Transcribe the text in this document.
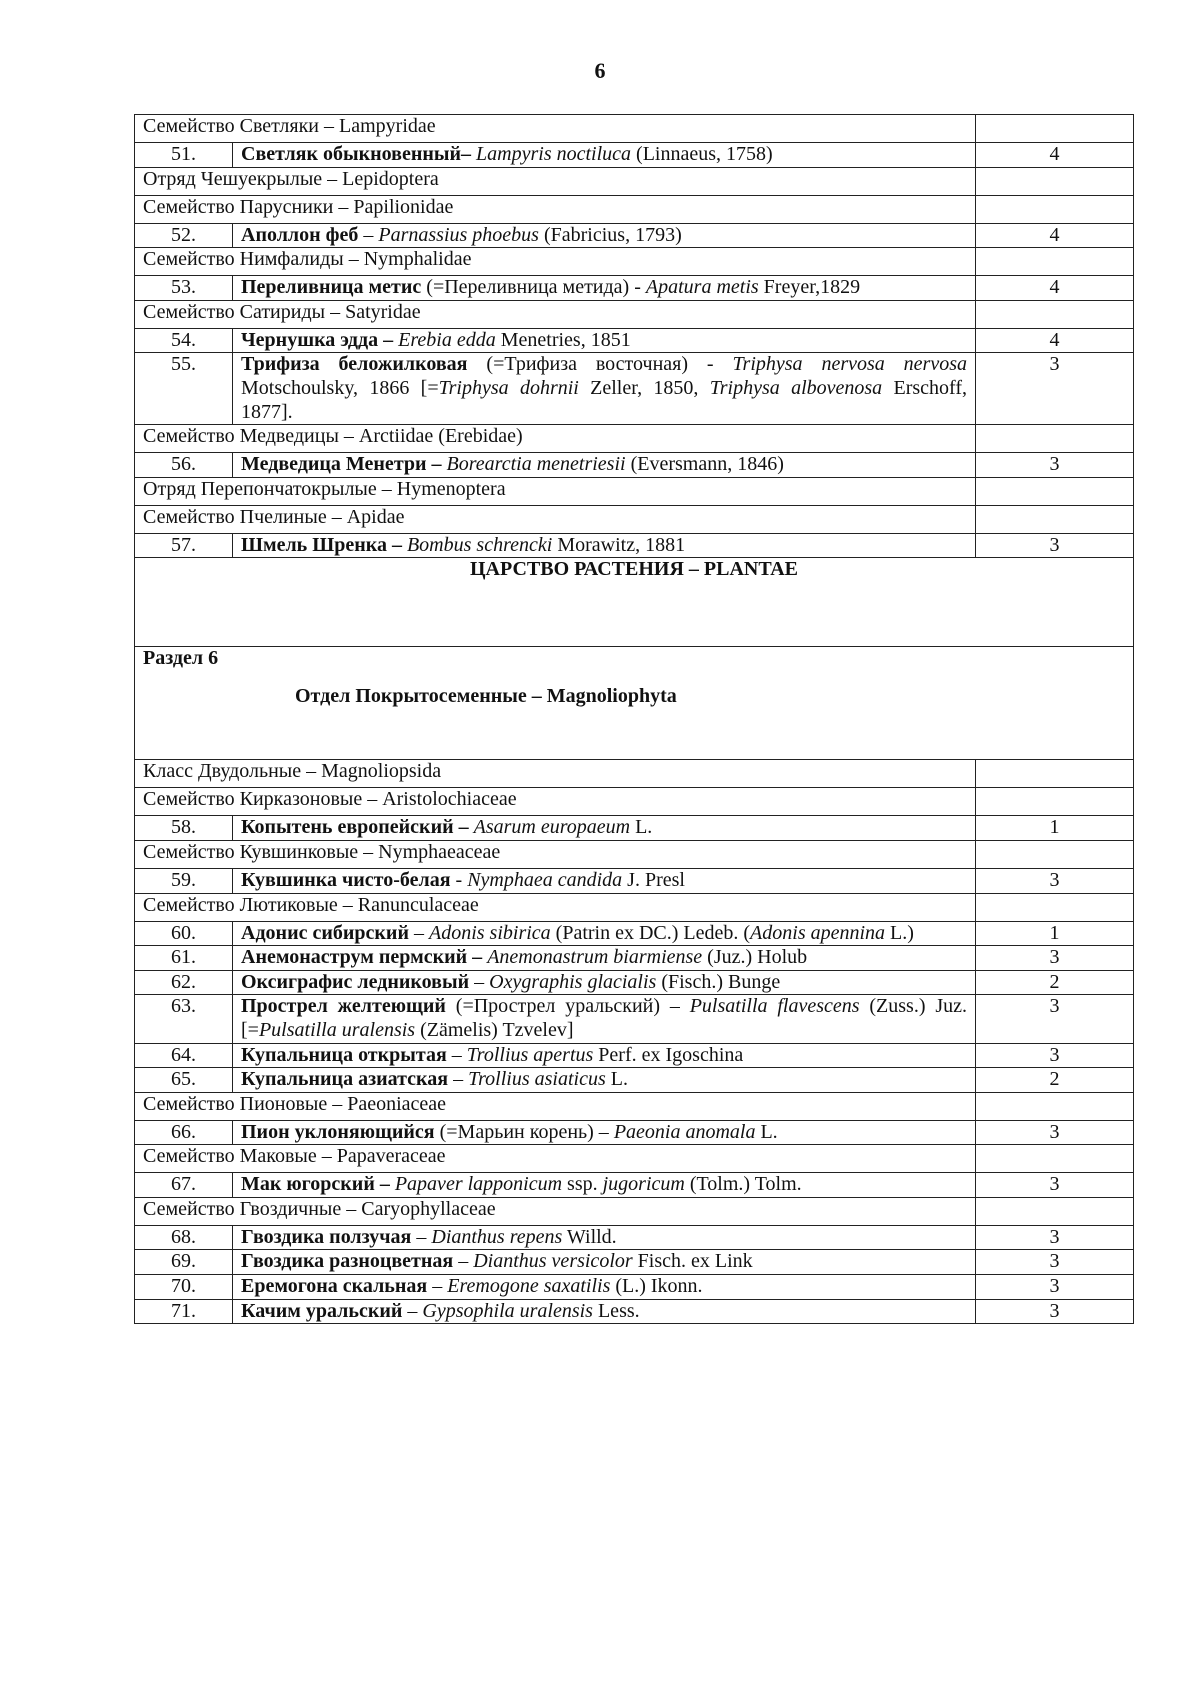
6
Семейство Светляки – Lampyridae		
51.	Светляк обыкновенный– Lampyris noctiluca (Linnaeus, 1758)	4
Отряд Чешуекрылые – Lepidoptera		
Семейство Парусники – Papilionidae		
52.	Аполлон феб – Parnassius phoebus (Fabricius, 1793)	4
Семейство Нимфалиды – Nymphalidae		
53.	Переливница метис (=Переливница метида) - Apatura metis Freyer,1829	4
Семейство Сатириды – Satyridae		
54.	Чернушка эдда – Erebia edda Menetries, 1851	4
55.	Трифиза беложилковая (=Трифиза восточная) - Triphysa nervosa nervosa Motschoulsky, 1866 [=Triphysa dohrnii Zeller, 1850, Triphysa albovenosa Erschoff, 1877].	3
Семейство Медведицы – Arctiidae (Erebidae)		
56.	Медведица Менетри – Borearctia menetriesii (Eversmann, 1846)	3
Отряд Перепончатокрылые – Hymenoptera		
Семейство Пчелиные – Apidae		
57.	Шмель Шренка – Bombus schrencki Morawitz, 1881	3
ЦАРСТВО РАСТЕНИЯ – PLANTAE		

Раздел 6
Отдел Покрытосеменные – Magnoliophyta		

Класс Двудольные – Magnoliopsida		
Семейство Кирказоновые – Aristolochiaceae		
58.	Копытень европейский – Asarum europaeum L.	1
Семейство Кувшинковые – Nymphaeaceae		
59.	Кувшинка чисто-белая - Nymphaea candida J. Presl	3
Семейство Лютиковые – Ranunculaceae		
60.	Адонис сибирский – Adonis sibirica (Patrin ex DC.) Ledeb. (Adonis apennina L.)	1
61.	Анемонаструм пермский – Anemonastrum biarmiense (Juz.) Holub	3
62.	Оксиграфис ледниковый – Oxygraphis glacialis (Fisch.) Bunge	2
63.	Прострел желтеющий (=Прострел уральский) – Pulsatilla flavescens (Zuss.) Juz. [=Pulsatilla uralensis (Zämelis) Tzvelev]	3
64.	Купальница открытая – Trollius apertus Perf. ex Igoschina	3
65.	Купальница азиатская – Trollius asiaticus L.	2
Семейство Пионовые – Paeoniaceae		
66.	Пион уклоняющийся (=Марьин корень) – Paeonia anomala L.	3
Семейство Маковые – Papaveraceae		
67.	Мак югорский – Papaver lapponicum ssp. jugoricum (Tolm.) Tolm.	3
Семейство Гвоздичные – Caryophyllaceae		
68.	Гвоздика ползучая – Dianthus repens Willd.	3
69.	Гвоздика разноцветная – Dianthus versicolor Fisch. ex Link	3
70.	Еремогона скальная – Eremogone saxatilis (L.) Ikonn.	3
71.	Качим уральский – Gypsophila uralensis Less.	3
